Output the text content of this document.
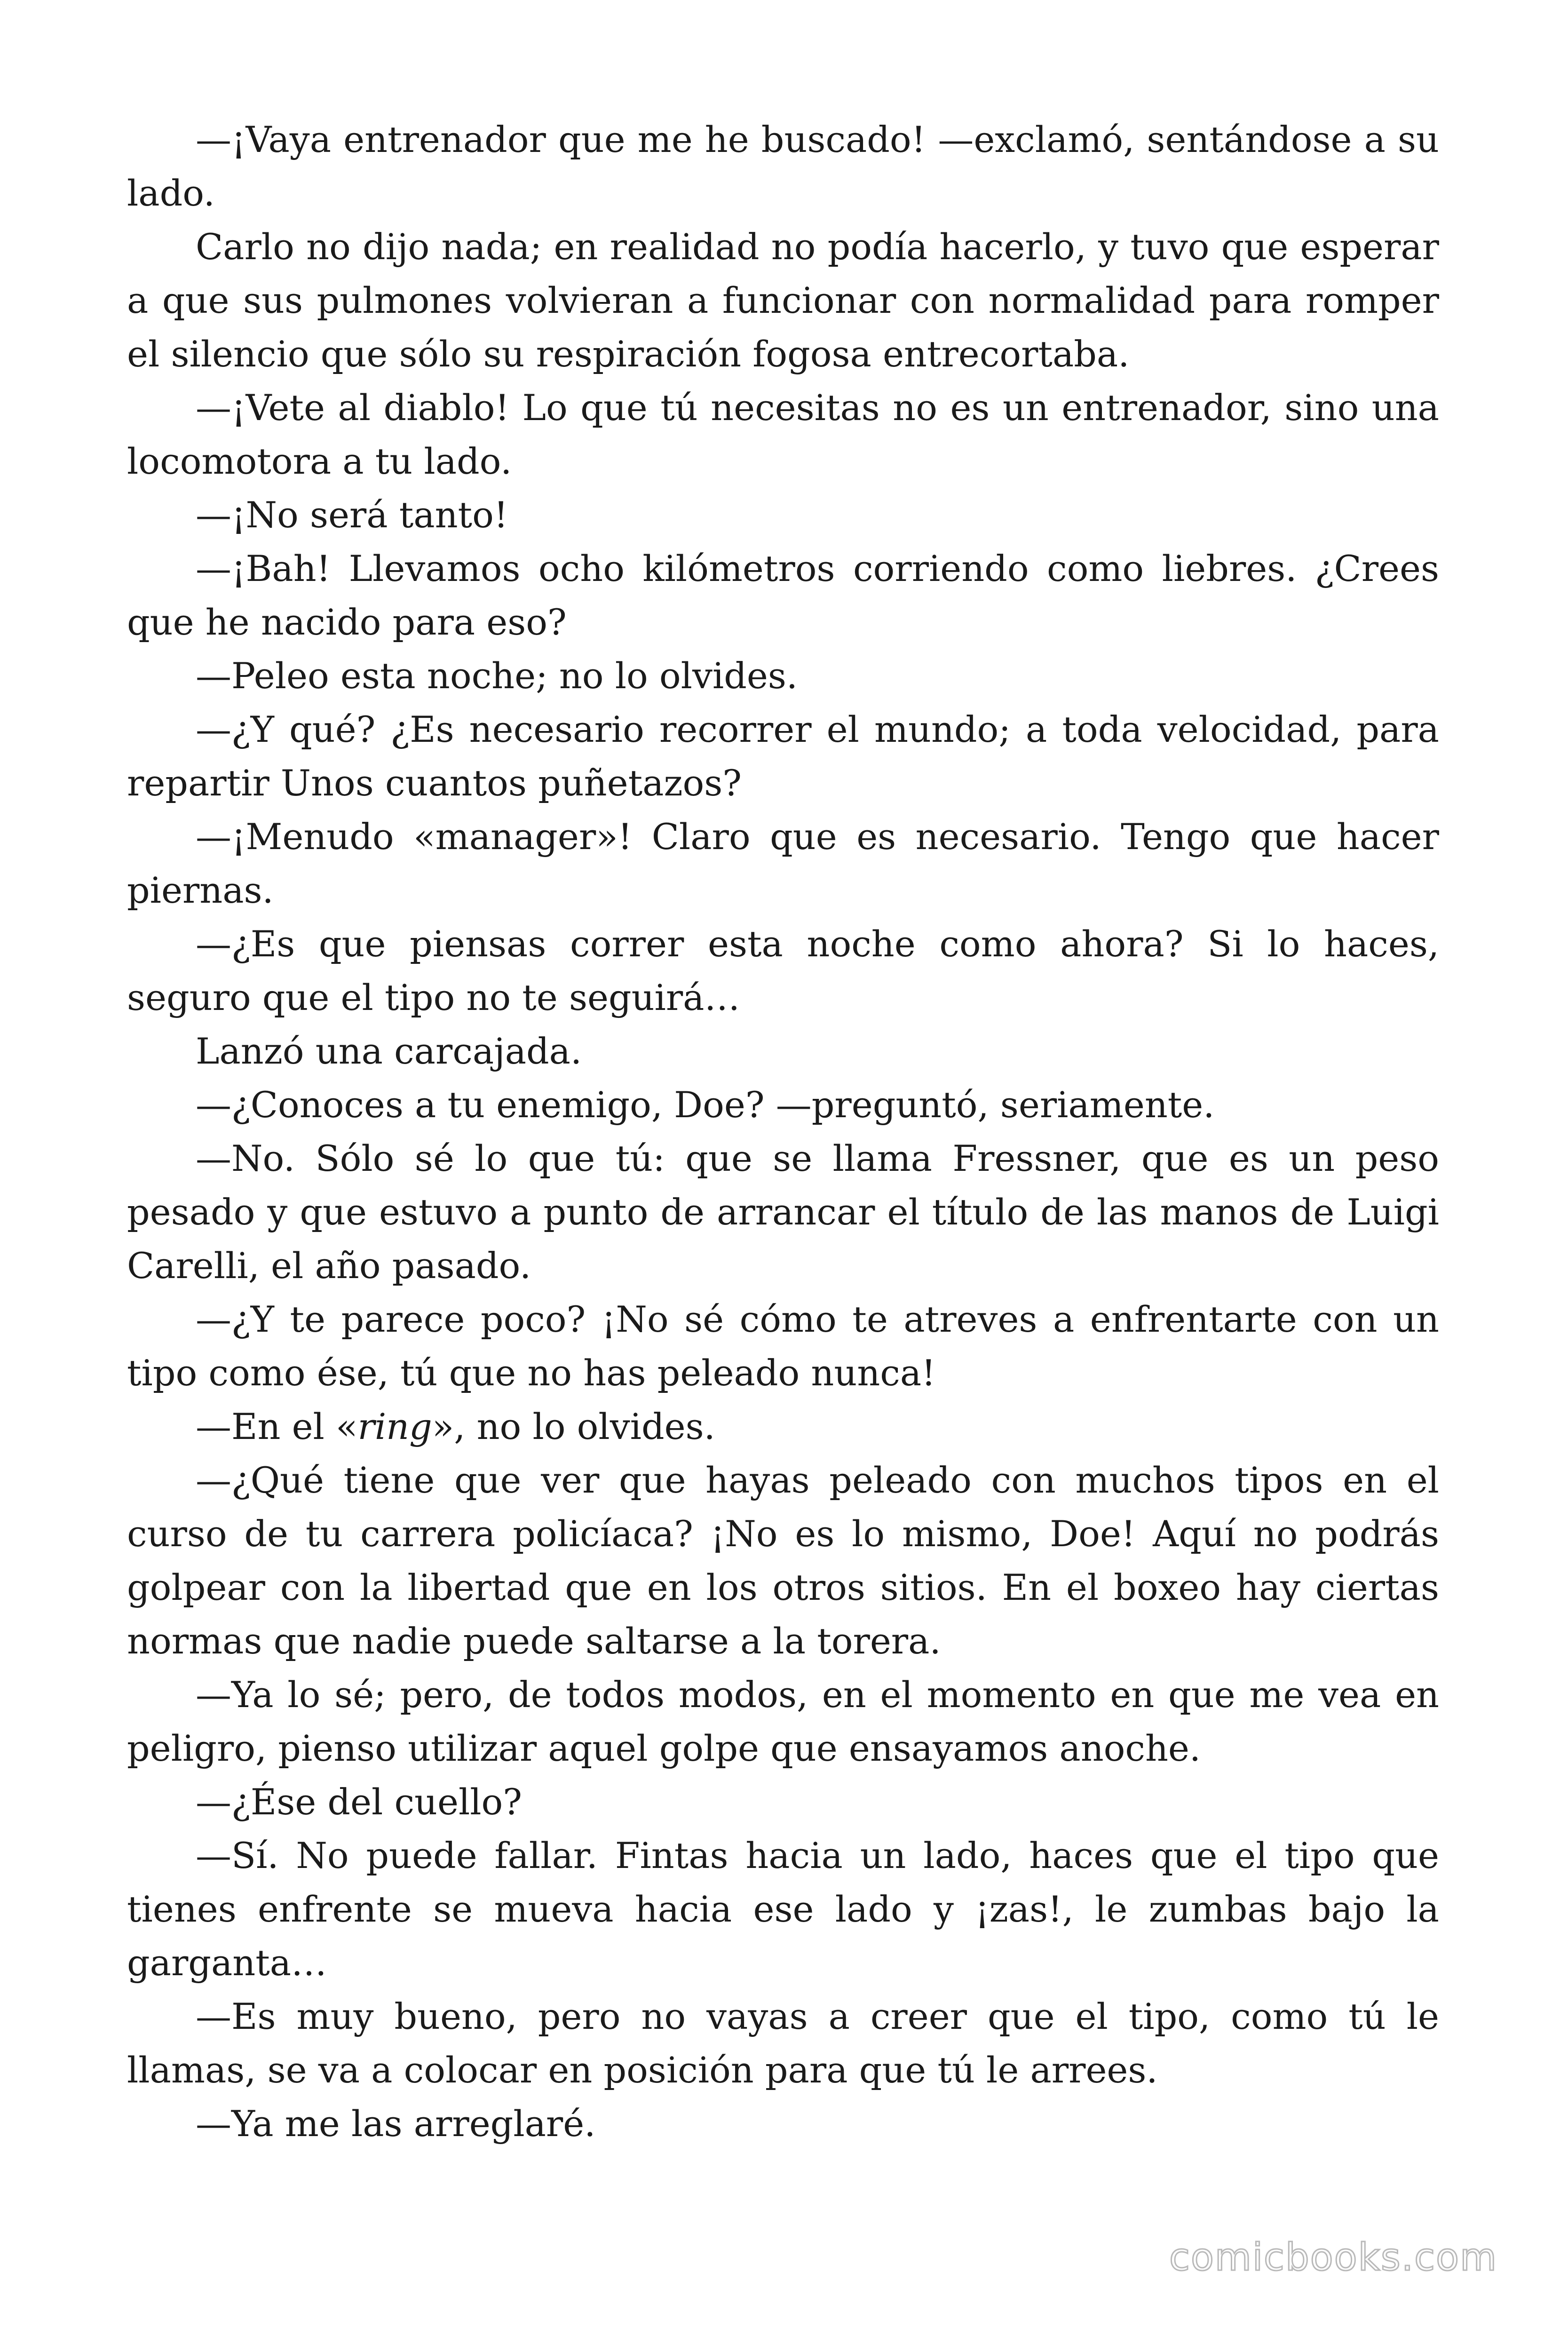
—¡Vaya entrenador que me he buscado! —exclamó, sentándose a su lado.

Carlo no dijo nada; en realidad no podía hacerlo, y tuvo que esperar a que sus pulmones volvieran a funcionar con normalidad para romper el silencio que sólo su respiración fogosa entrecortaba.

—¡Vete al diablo! Lo que tú necesitas no es un entrenador, sino una locomotora a tu lado.

—¡No será tanto!

—¡Bah! Llevamos ocho kilómetros corriendo como liebres. ¿Crees que he nacido para eso?

—Peleo esta noche; no lo olvides.

—¿Y qué? ¿Es necesario recorrer el mundo; a toda velocidad, para repartir Unos cuantos puñetazos?

—¡Menudo «manager»! Claro que es necesario. Tengo que hacer piernas.

—¿Es que piensas correr esta noche como ahora? Si lo haces, seguro que el tipo no te seguirá…

Lanzó una carcajada.

—¿Conoces a tu enemigo, Doe? —preguntó, seriamente.

—No. Sólo sé lo que tú: que se llama Fressner, que es un peso pesado y que estuvo a punto de arrancar el título de las manos de Luigi Carelli, el año pasado.

—¿Y te parece poco? ¡No sé cómo te atreves a enfrentarte con un tipo como ése, tú que no has peleado nunca!

—En el «ring», no lo olvides.

—¿Qué tiene que ver que hayas peleado con muchos tipos en el curso de tu carrera policíaca? ¡No es lo mismo, Doe! Aquí no podrás golpear con la libertad que en los otros sitios. En el boxeo hay ciertas normas que nadie puede saltarse a la torera.

—Ya lo sé; pero, de todos modos, en el momento en que me vea en peligro, pienso utilizar aquel golpe que ensayamos anoche.

—¿Ése del cuello?

—Sí. No puede fallar. Fintas hacia un lado, haces que el tipo que tienes enfrente se mueva hacia ese lado y ¡zas!, le zumbas bajo la garganta…

—Es muy bueno, pero no vayas a creer que el tipo, como tú le llamas, se va a colocar en posición para que tú le arrees.

—Ya me las arreglaré.

comicbooks.com
